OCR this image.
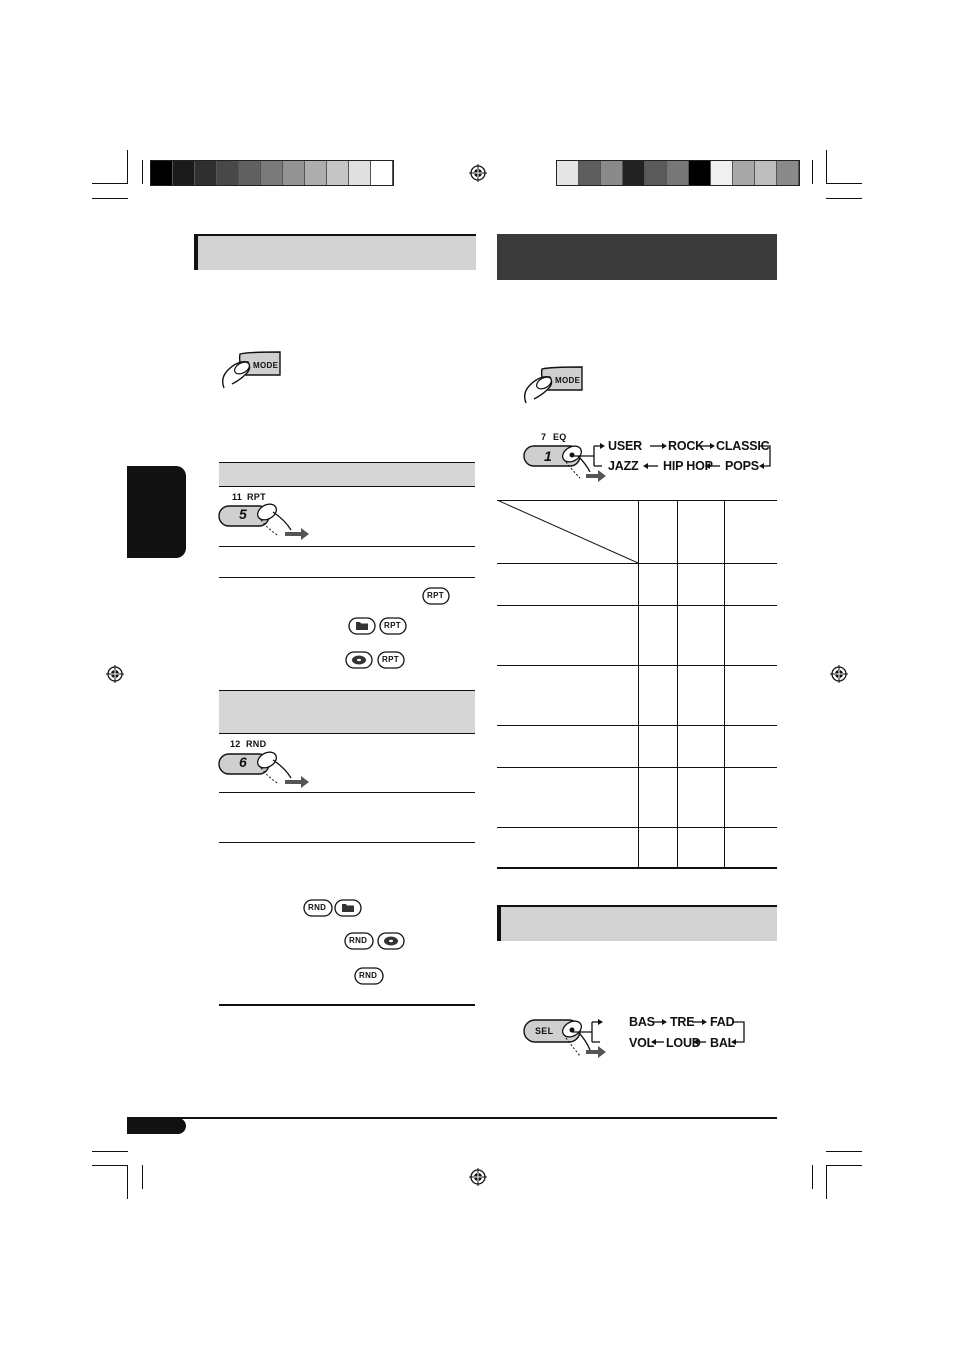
MODE
11 RPT
5
RPT
RPT
RPT
12 RND
6
RND
RND
RND
MODE
7 EQ
1
USER ROCK CLASSIC
JAZZ HIP HOP POPS
SEL
BAS TRE FAD
VOL LOUD BAL
